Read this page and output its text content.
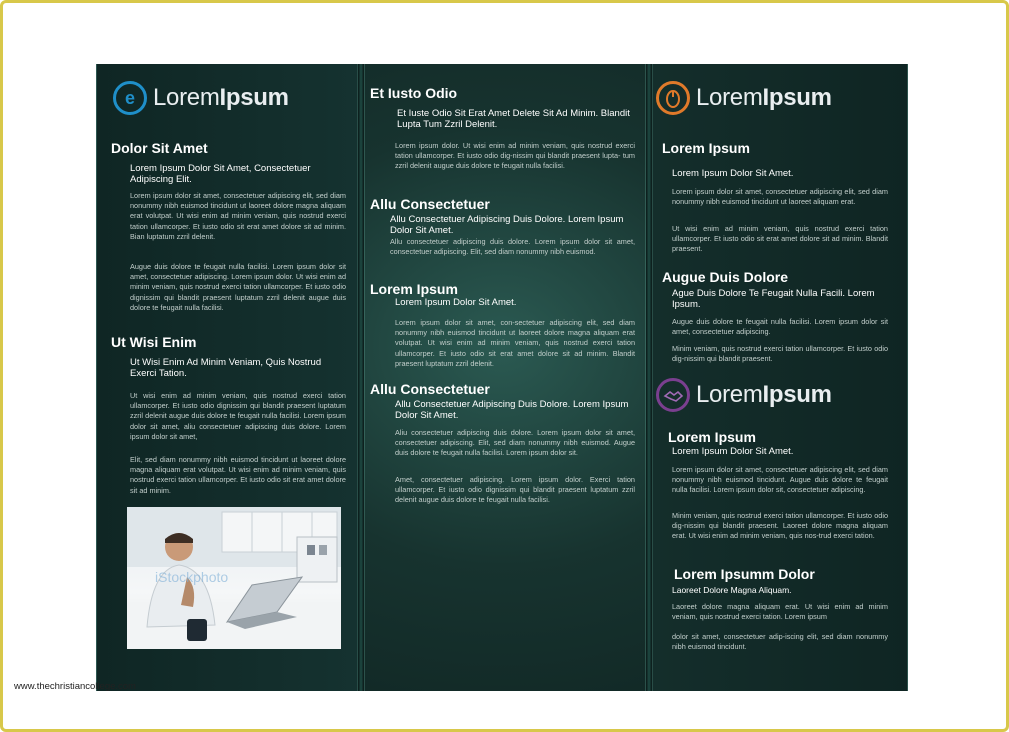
e LoremIpsum
Dolor Sit Amet
Lorem Ipsum Dolor Sit Amet, Consectetuer Adipiscing Elit.
Lorem ipsum dolor sit amet, consectetuer adipiscing elit, sed diam nonummy nibh euismod tincidunt ut laoreet dolore magna aliquam erat volutpat. Ut wisi enim ad minim veniam, quis nostrud exerci tation ullamcorper. Et iusto odio sit erat amet dolore sit ad minim. Bian luptatum zzril delenit.
Augue duis dolore te feugait nulla facilisi. Lorem ipsum dolor sit amet, consectetuer adipiscing. Lorem ipsum dolor. Ut wisi enim ad minim veniam, quis nostrud exerci tation ullamcorper. Et iusto odio dignissim qui blandit praesent luptatum zzril delenit augue duis dolore te feugait nulla facilisi.
Ut Wisi Enim
Ut Wisi Enim Ad Minim Veniam, Quis Nostrud Exerci Tation.
Ut wisi enim ad minim veniam, quis nostrud exerci tation ullamcorper. Et iusto odio dignissim qui blandit praesent luptatum zzril delenit augue duis dolore te feugait nulla facilisi. Lorem ipsum dolor sit amet, aliu consectetuer adipiscing duis dolore. Lorem ipsum dolor sit amet,
Elit, sed diam nonummy nibh euismod tincidunt ut laoreet dolore magna aliquam erat volutpat. Ut wisi enim ad minim veniam, quis nostrud exerci tation ullamcorper. Et iusto odio sit erat amet dolore sit ad minim.
iStockphoto
Et Iusto Odio
Et Iuste Odio Sit Erat Amet Delete Sit Ad Minim. Blandit Lupta Tum Zzril Delenit.
Lorem ipsum dolor. Ut wisi enim ad minim veniam, quis nostrud exerci tation ullamcorper. Et iusto odio dig-nissim qui blandit praesent lupta- tum zzril delenit augue duis dolore te feugait nulla facilisi.
Allu Consectetuer
Allu Consectetuer Adipiscing Duis Dolore. Lorem Ipsum Dolor Sit Amet.
Allu consectetuer adipiscing duis dolore. Lorem ipsum dolor sit amet, consectetuer adipiscing. Elit, sed diam nonummy nibh euismod.
Lorem Ipsum
Lorem Ipsum Dolor Sit Amet.
Lorem ipsum dolor sit amet, con-sectetuer adipiscing elit, sed diam nonummy nibh euismod tincidunt ut laoreet dolore magna aliquam erat volutpat. Ut wisi enim ad minim veniam, quis nostrud exerci tation ullamcorper. Et iusto odio sit erat amet dolore sit ad minim. Blandit praesent luptatum zzril delenit.
Allu Consectetuer
Allu Consectetuer Adipiscing Duis Dolore. Lorem Ipsum Dolor Sit Amet.
Aliu consectetuer adipiscing duis dolore. Lorem ipsum dolor sit amet, consectetuer adipiscing. Elit, sed diam nonummy nibh euismod. Augue duis dolore te feugait nulla facilisi. Lorem ipsum dolor sit.
Amet, consectetuer adipiscing. Lorem ipsum dolor. Exerci tation ullamcorper. Et iusto odio dignissim qui blandit praesent luptatum zzril delenit augue duis dolore te feugait nulla facilisi.
LoremIpsum
Lorem Ipsum
Lorem Ipsum Dolor Sit Amet.
Lorem ipsum dolor sit amet, consectetuer adipiscing elit, sed diam nonummy nibh euismod tincidunt ut laoreet aliquam erat.
Ut wisi enim ad minim veniam, quis nostrud exerci tation ullamcorper. Et iusto odio sit erat amet dolore sit ad minim. Blandit praesent.
Augue Duis Dolore
Ague Duis Dolore Te Feugait Nulla Facili. Lorem Ipsum.
Augue duis dolore te feugait nulla facilisi. Lorem ipsum dolor sit amet, consectetuer adipiscing.
Minim veniam, quis nostrud exerci tation ullamcorper. Et iusto odio dig-nissim qui blandit praesent.
LoremIpsum
Lorem Ipsum
Lorem Ipsum Dolor Sit Amet.
Lorem ipsum dolor sit amet, consectetuer adipiscing elit, sed diam nonummy nibh euismod tincidunt. Augue duis dolore te feugait nulla facilisi. Lorem ipsum dolor sit, consectetuer adipiscing.
Minim veniam, quis nostrud exerci tation ullamcorper. Et iusto odio dig-nissim qui blandit praesent. Laoreet dolore magna aliquam erat. Ut wisi enim ad minim veniam, quis nos-trud exerci tation.
Lorem Ipsumm Dolor
Laoreet Dolore Magna Aliquam.
Laoreet dolore magna aliquam erat. Ut wisi enim ad minim veniam, quis nostrud exerci tation. Lorem ipsum
dolor sit amet, consectetuer adip-iscing elit, sed diam nonummy nibh euismod tincidunt.
www.thechristiancollege.com
